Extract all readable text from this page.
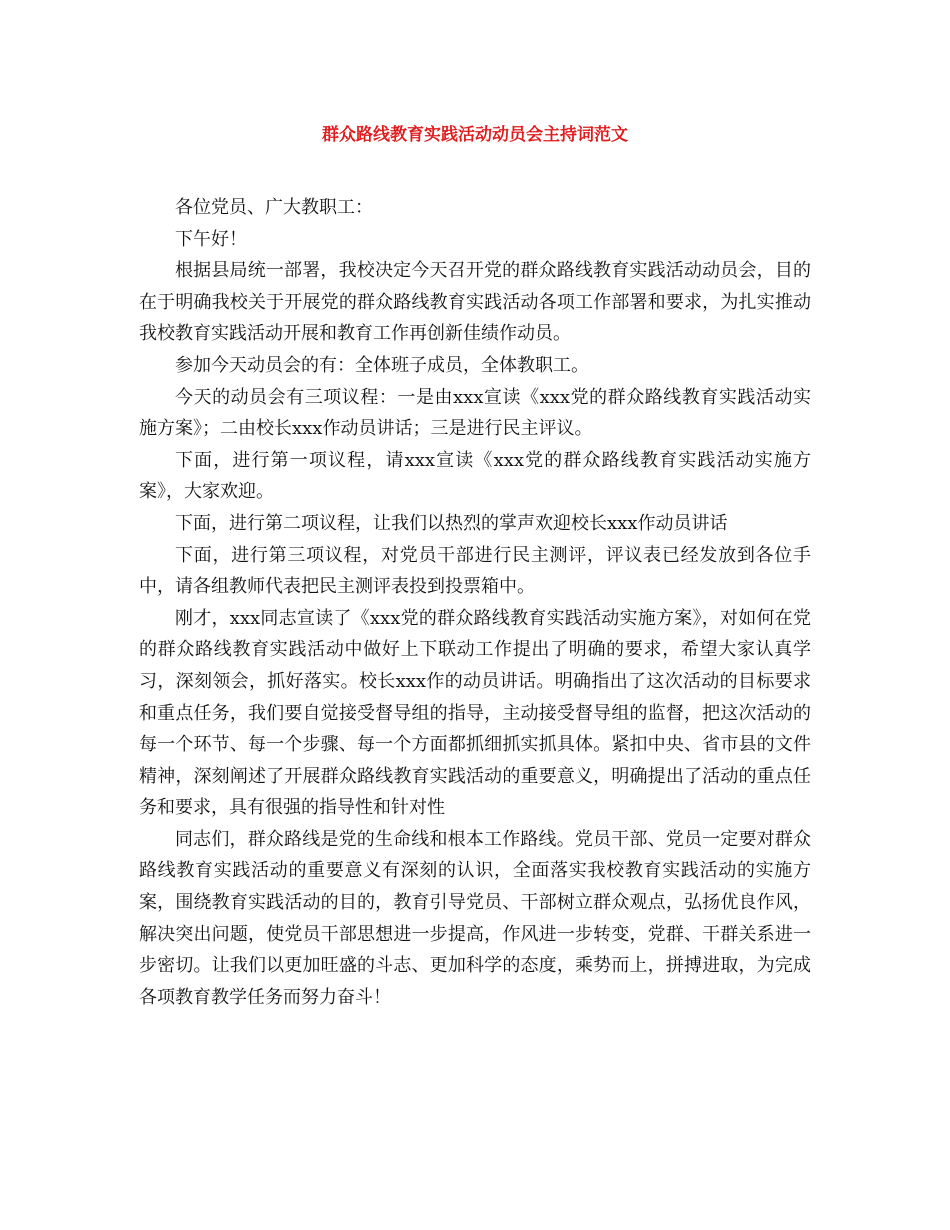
群众路线教育实践活动动员会主持词范文

各位党员、广大教职工：

下午好！

根据县局统一部署，我校决定今天召开党的群众路线教育实践活动动员会，目的在于明确我校关于开展党的群众路线教育实践活动各项工作部署和要求，为扎实推动我校教育实践活动开展和教育工作再创新佳绩作动员。

参加今天动员会的有：全体班子成员，全体教职工。

今天的动员会有三项议程：一是由xxx宣读《xxx党的群众路线教育实践活动实施方案》；二由校长xxx作动员讲话；三是进行民主评议。

下面，进行第一项议程，请xxx宣读《xxx党的群众路线教育实践活动实施方案》，大家欢迎。

下面，进行第二项议程，让我们以热烈的掌声欢迎校长xxx作动员讲话

下面，进行第三项议程，对党员干部进行民主测评，评议表已经发放到各位手中，请各组教师代表把民主测评表投到投票箱中。

刚才，xxx同志宣读了《xxx党的群众路线教育实践活动实施方案》，对如何在党的群众路线教育实践活动中做好上下联动工作提出了明确的要求，希望大家认真学习，深刻领会，抓好落实。校长xxx作的动员讲话。明确指出了这次活动的目标要求和重点任务，我们要自觉接受督导组的指导，主动接受督导组的监督，把这次活动的每一个环节、每一个步骤、每一个方面都抓细抓实抓具体。紧扣中央、省市县的文件精神，深刻阐述了开展群众路线教育实践活动的重要意义，明确提出了活动的重点任务和要求，具有很强的指导性和针对性

同志们，群众路线是党的生命线和根本工作路线。党员干部、党员一定要对群众路线教育实践活动的重要意义有深刻的认识，全面落实我校教育实践活动的实施方案，围绕教育实践活动的目的，教育引导党员、干部树立群众观点，弘扬优良作风，解决突出问题，使党员干部思想进一步提高，作风进一步转变，党群、干群关系进一步密切。让我们以更加旺盛的斗志、更加科学的态度，乘势而上，拼搏进取，为完成各项教育教学任务而努力奋斗！
